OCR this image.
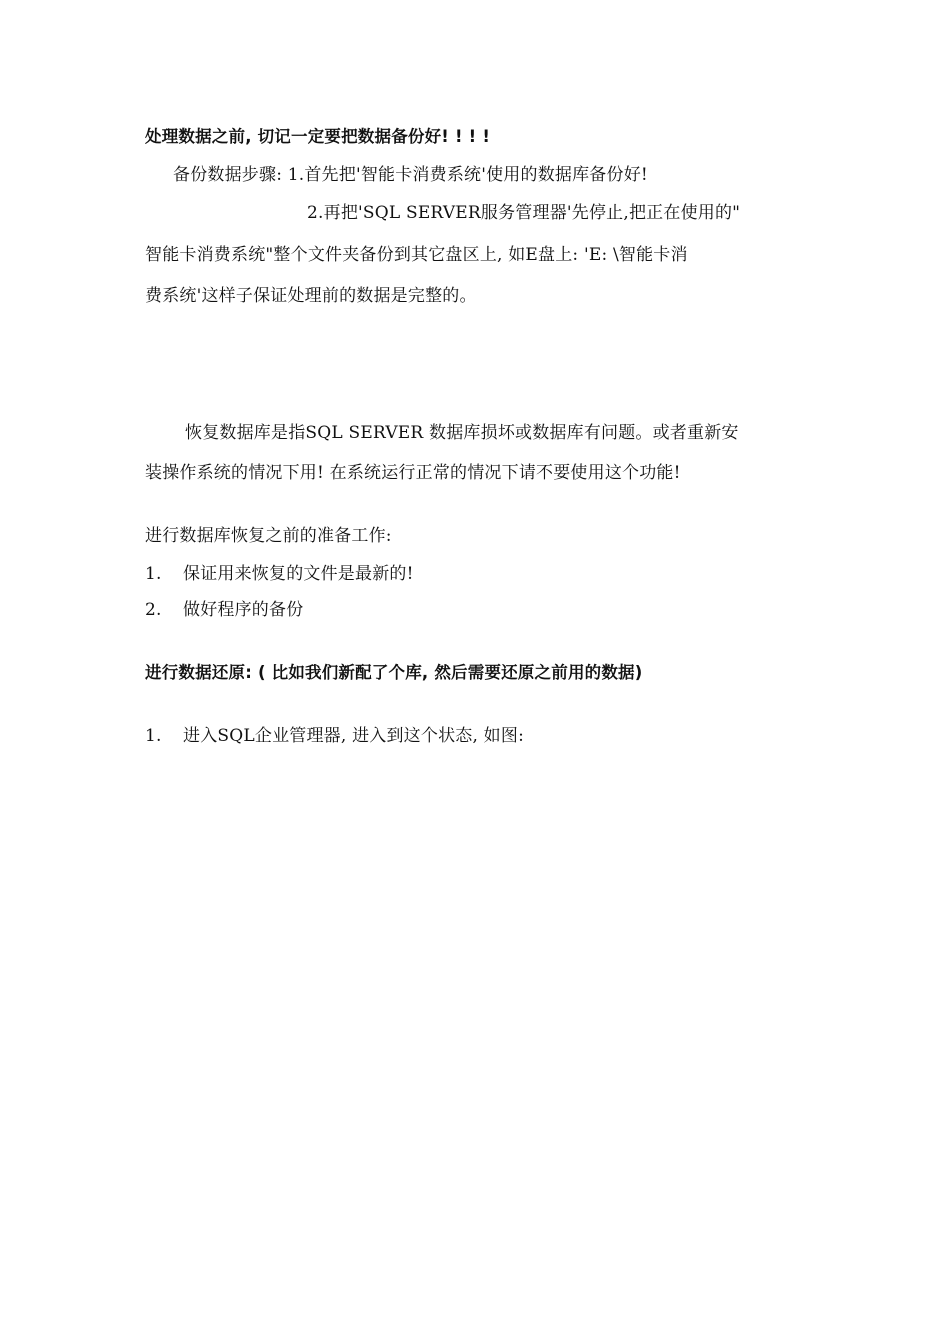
处理数据之前, 切记一定要把数据备份好! ! ! !
备份数据步骤: 1.首先把'智能卡消费系统'使用的数据库备份好!
2.再把'SQL SERVER服务管理器'先停止,把正在使用的"
智能卡消费系统"整个文件夹备份到其它盘区上, 如E盘上: 'E: \智能卡消
费系统'这样子保证处理前的数据是完整的。
恢复数据库是指SQL SERVER 数据库损坏或数据库有问题。或者重新安
装操作系统的情况下用! 在系统运行正常的情况下请不要使用这个功能!
进行数据库恢复之前的准备工作:
1. 保证用来恢复的文件是最新的!
2. 做好程序的备份
进行数据还原: ( 比如我们新配了个库, 然后需要还原之前用的数据)
1. 进入SQL企业管理器, 进入到这个状态, 如图:
